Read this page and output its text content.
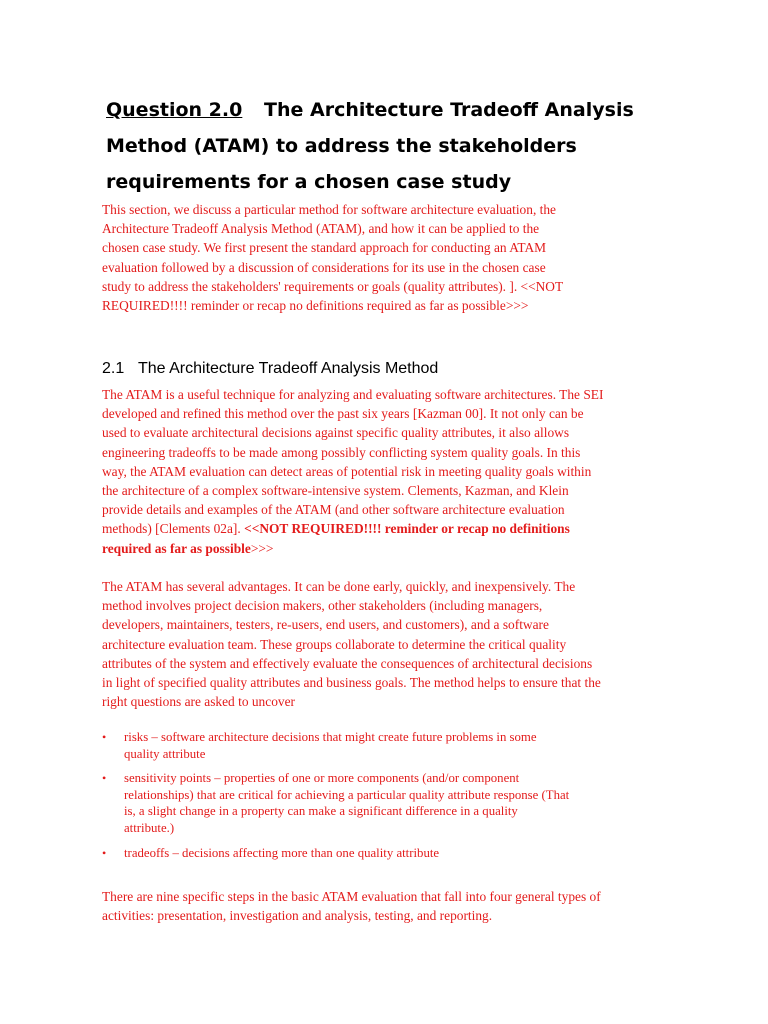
Question 2.0 The Architecture Tradeoff Analysis
Method (ATAM) to address the stakeholders
requirements for a chosen case study
This section, we discuss a particular method for software architecture evaluation, the
Architecture Tradeoff Analysis Method (ATAM), and how it can be applied to the
chosen case study. We first present the standard approach for conducting an ATAM
evaluation followed by a discussion of considerations for its use in the chosen case
study to address the stakeholders' requirements or goals (quality attributes). ]. <<NOT
REQUIRED!!!! reminder or recap no definitions required as far as possible>>>
2.1 The Architecture Tradeoff Analysis Method
The ATAM is a useful technique for analyzing and evaluating software architectures. The SEI
developed and refined this method over the past six years [Kazman 00]. It not only can be
used to evaluate architectural decisions against specific quality attributes, it also allows
engineering tradeoffs to be made among possibly conflicting system quality goals. In this
way, the ATAM evaluation can detect areas of potential risk in meeting quality goals within
the architecture of a complex software-intensive system. Clements, Kazman, and Klein
provide details and examples of the ATAM (and other software architecture evaluation
methods) [Clements 02a]. <<NOT REQUIRED!!!! reminder or recap no definitions
required as far as possible>>>
The ATAM has several advantages. It can be done early, quickly, and inexpensively. The
method involves project decision makers, other stakeholders (including managers,
developers, maintainers, testers, re-users, end users, and customers), and a software
architecture evaluation team. These groups collaborate to determine the critical quality
attributes of the system and effectively evaluate the consequences of architectural decisions
in light of specified quality attributes and business goals. The method helps to ensure that the
right questions are asked to uncover
• risks – software architecture decisions that might create future problems in some
quality attribute
• sensitivity points – properties of one or more components (and/or component
relationships) that are critical for achieving a particular quality attribute response (That
is, a slight change in a property can make a significant difference in a quality
attribute.)
• tradeoffs – decisions affecting more than one quality attribute
There are nine specific steps in the basic ATAM evaluation that fall into four general types of
activities: presentation, investigation and analysis, testing, and reporting.
